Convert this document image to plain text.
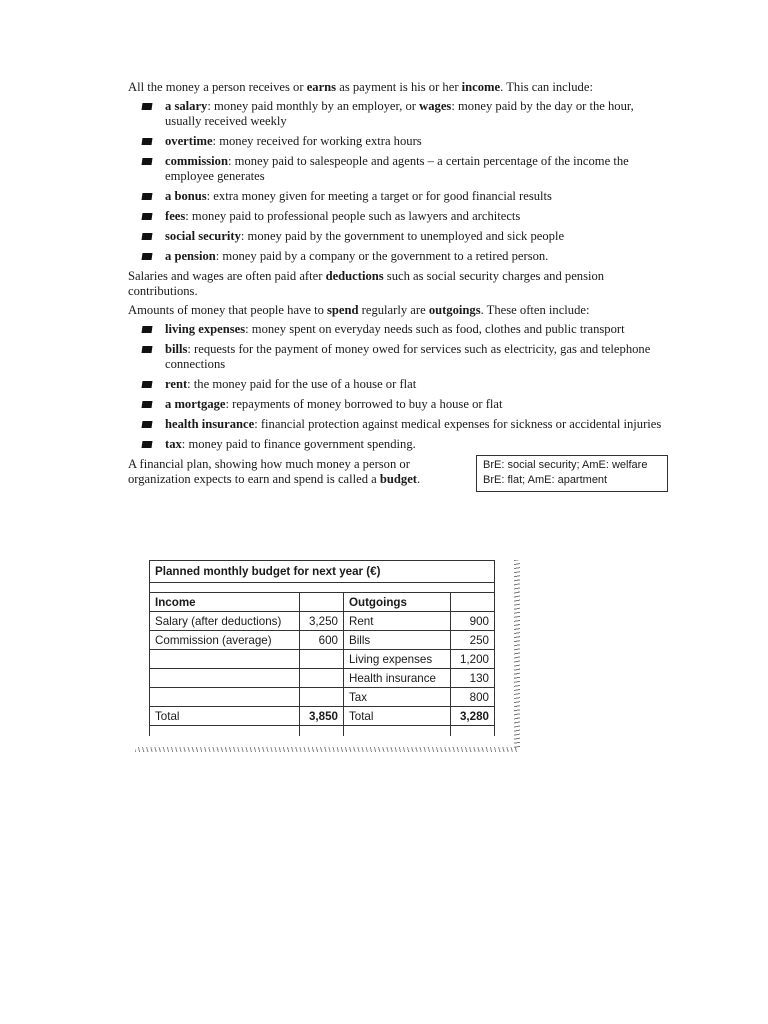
All the money a person receives or earns as payment is his or her income. This can include:

a salary: money paid monthly by an employer, or wages: money paid by the day or the hour, usually received weekly
overtime: money received for working extra hours
commission: money paid to salespeople and agents – a certain percentage of the income the employee generates
a bonus: extra money given for meeting a target or for good financial results
fees: money paid to professional people such as lawyers and architects
social security: money paid by the government to unemployed and sick people
a pension: money paid by a company or the government to a retired person.

Salaries and wages are often paid after deductions such as social security charges and pension contributions.

Amounts of money that people have to spend regularly are outgoings. These often include:

living expenses: money spent on everyday needs such as food, clothes and public transport
bills: requests for the payment of money owed for services such as electricity, gas and telephone connections
rent: the money paid for the use of a house or flat
a mortgage: repayments of money borrowed to buy a house or flat
health insurance: financial protection against medical expenses for sickness or accidental injuries
tax: money paid to finance government spending.

A financial plan, showing how much money a person or organization expects to earn and spend is called a budget.

BrE: social security; AmE: welfare
BrE: flat; AmE: apartment
Planned monthly budget for next year (€)			

Income		Outgoings	
Salary (after deductions)	3,250	Rent	900
Commission (average)	600	Bills	250
		Living expenses	1,200
		Health insurance	130
		Tax	800
Total	3,850	Total	3,280
